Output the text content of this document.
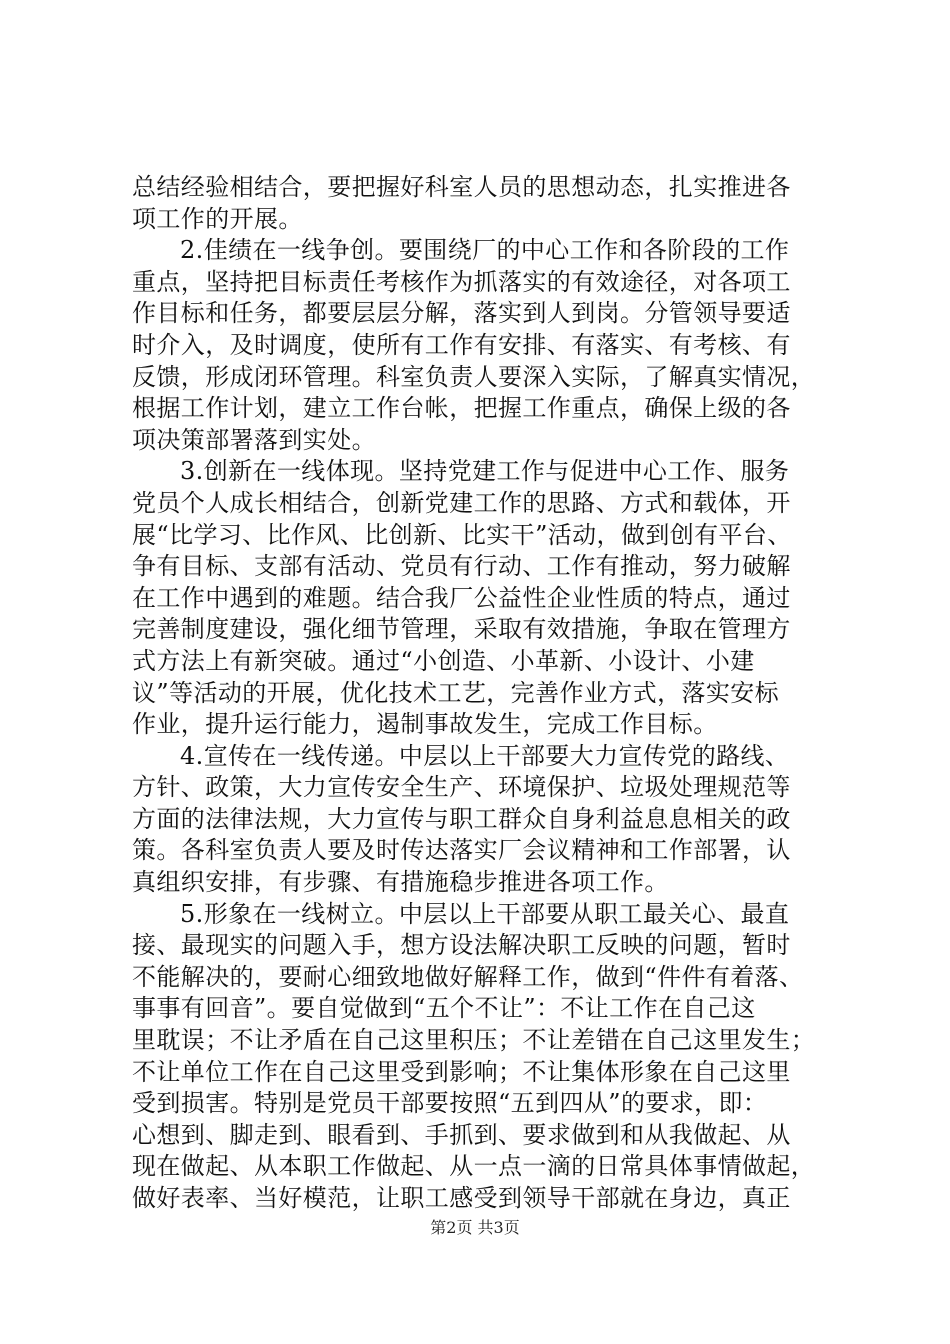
总结经验相结合，要把握好科室人员的思想动态，扎实推进各
项工作的开展。
2.佳绩在一线争创。要围绕厂的中心工作和各阶段的工作
重点，坚持把目标责任考核作为抓落实的有效途径，对各项工
作目标和任务，都要层层分解，落实到人到岗。分管领导要适
时介入，及时调度，使所有工作有安排、有落实、有考核、有
反馈，形成闭环管理。科室负责人要深入实际，了解真实情况，
根据工作计划，建立工作台帐，把握工作重点，确保上级的各
项决策部署落到实处。
3.创新在一线体现。坚持党建工作与促进中心工作、服务
党员个人成长相结合，创新党建工作的思路、方式和载体，开
展“比学习、比作风、比创新、比实干”活动，做到创有平台、
争有目标、支部有活动、党员有行动、工作有推动，努力破解
在工作中遇到的难题。结合我厂公益性企业性质的特点，通过
完善制度建设，强化细节管理，采取有效措施，争取在管理方
式方法上有新突破。通过“小创造、小革新、小设计、小建
议”等活动的开展，优化技术工艺，完善作业方式，落实安标
作业，提升运行能力，遏制事故发生，完成工作目标。
4.宣传在一线传递。中层以上干部要大力宣传党的路线、
方针、政策，大力宣传安全生产、环境保护、垃圾处理规范等
方面的法律法规，大力宣传与职工群众自身利益息息相关的政
策。各科室负责人要及时传达落实厂会议精神和工作部署，认
真组织安排，有步骤、有措施稳步推进各项工作。
5.形象在一线树立。中层以上干部要从职工最关心、最直
接、最现实的问题入手，想方设法解决职工反映的问题，暂时
不能解决的，要耐心细致地做好解释工作，做到“件件有着落、
事事有回音”。要自觉做到“五个不让”：不让工作在自己这
里耽误；不让矛盾在自己这里积压；不让差错在自己这里发生；
不让单位工作在自己这里受到影响；不让集体形象在自己这里
受到损害。特别是党员干部要按照“五到四从”的要求，即：
心想到、脚走到、眼看到、手抓到、要求做到和从我做起、从
现在做起、从本职工作做起、从一点一滴的日常具体事情做起，
做好表率、当好模范，让职工感受到领导干部就在身边，真正
第2页 共3页
